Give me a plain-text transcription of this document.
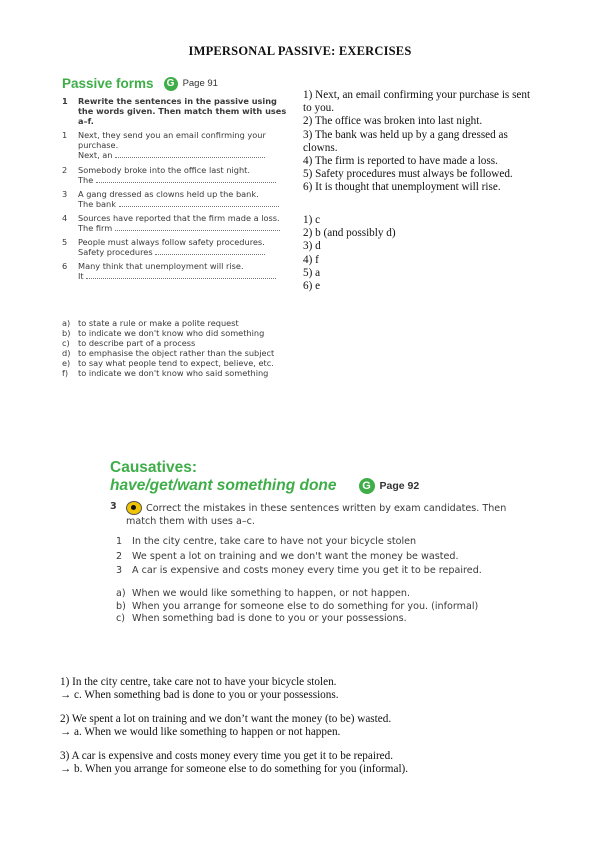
IMPERSONAL PASSIVE: EXERCISES
Passive forms	G Page 91
1	Rewrite the sentences in the passive using the words given. Then match them with uses a–f.
1	Next, they send you an email confirming your purchase.
Next, an
2	Somebody broke into the office last night.
The
3	A gang dressed as clowns held up the bank.
The bank
4	Sources have reported that the firm made a loss.
The firm
5	People must always follow safety procedures.
Safety procedures
6	Many think that unemployment will rise.
It
a) to state a rule or make a polite request
b) to indicate we don't know who did something
c)	to describe part of a process
d) to emphasise the object rather than the subject
e) to say what people tend to expect, believe, etc.
f)	to indicate we don't know who said something
1) Next, an email confirming your purchase is sent to you.
2) The office was broken into last night.
3) The bank was held up by a gang dressed as clowns.
4) The firm is reported to have made a loss.
5) Safety procedures must always be followed.
6) It is thought that unemployment will rise.
1) c
2) b (and possibly d)
3) d
4) f
5) a
6) e
Causatives:
have/get/want something done	G Page 92
3	Correct the mistakes in these sentences written by exam candidates. Then match them with uses a–c.
1	In the city centre, take care to have not your bicycle stolen
2	We spent a lot on training and we don't want the money be wasted.
3	A car is expensive and costs money every time you get it to be repaired.
a) When we would like something to happen, or not happen.
b) When you arrange for someone else to do something for you. (informal)
c) When something bad is done to you or your possessions.
1) In the city centre, take care not to have your bicycle stolen.
→ c. When something bad is done to you or your possessions.
2) We spent a lot on training and we don’t want the money (to be) wasted.
→ a. When we would like something to happen or not happen.
3) A car is expensive and costs money every time you get it to be repaired.
→ b. When you arrange for someone else to do something for you (informal).
